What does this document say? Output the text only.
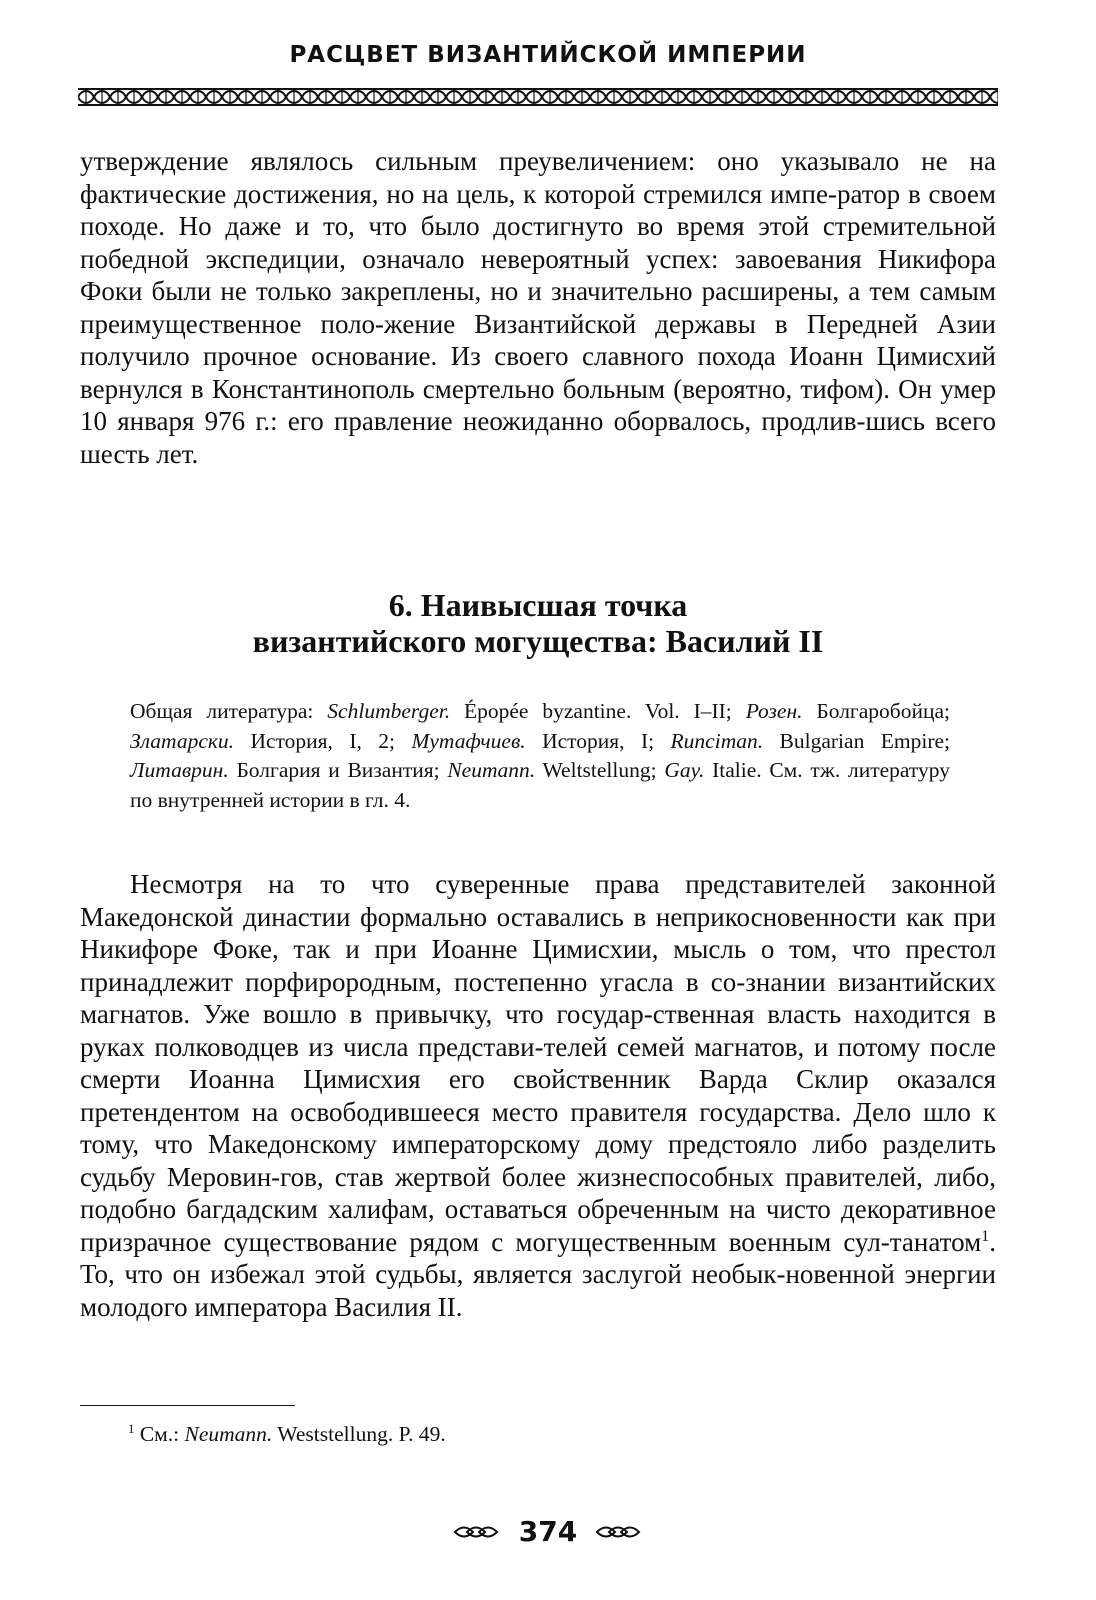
РАСЦВЕТ ВИЗАНТИЙСКОЙ ИМПЕРИИ

утверждение являлось сильным преувеличением: оно указывало не на фактические достижения, но на цель, к которой стремился импе-ратор в своем походе. Но даже и то, что было достигнуто во время этой стремительной победной экспедиции, означало невероятный успех: завоевания Никифора Фоки были не только закреплены, но и значительно расширены, а тем самым преимущественное поло-жение Византийской державы в Передней Азии получило прочное основание. Из своего славного похода Иоанн Цимисхий вернулся в Константинополь смертельно больным (вероятно, тифом). Он умер 10 января 976 г.: его правление неожиданно оборвалось, продлив-шись всего шесть лет.

6. Наивысшая точка
византийского могущества: Василий II

Общая литература: Schlumberger. Épopée byzantine. Vol. I–II; Розен. Болгаробойца; Златарски. История, I, 2; Мутафчиев. История, I; Runciman. Bulgarian Empire; Литаврин. Болгария и Византия; Neumann. Weltstellung; Gay. Italie. См. тж. литературу по внутренней истории в гл. 4.

Несмотря на то что суверенные права представителей законной Македонской династии формально оставались в неприкосновенности как при Никифоре Фоке, так и при Иоанне Цимисхии, мысль о том, что престол принадлежит порфирородным, постепенно угасла в со-знании византийских магнатов. Уже вошло в привычку, что государ-ственная власть находится в руках полководцев из числа представи-телей семей магнатов, и потому после смерти Иоанна Цимисхия его свойственник Варда Склир оказался претендентом на освободившееся место правителя государства. Дело шло к тому, что Македонскому императорскому дому предстояло либо разделить судьбу Меровин-гов, став жертвой более жизнеспособных правителей, либо, подобно багдадским халифам, оставаться обреченным на чисто декоративное призрачное существование рядом с могущественным военным сул-танатом$^1$. То, что он избежал этой судьбы, является заслугой необык-новенной энергии молодого императора Василия II.

$^1$ См.: Neumann. Weststellung. P. 49.

374
